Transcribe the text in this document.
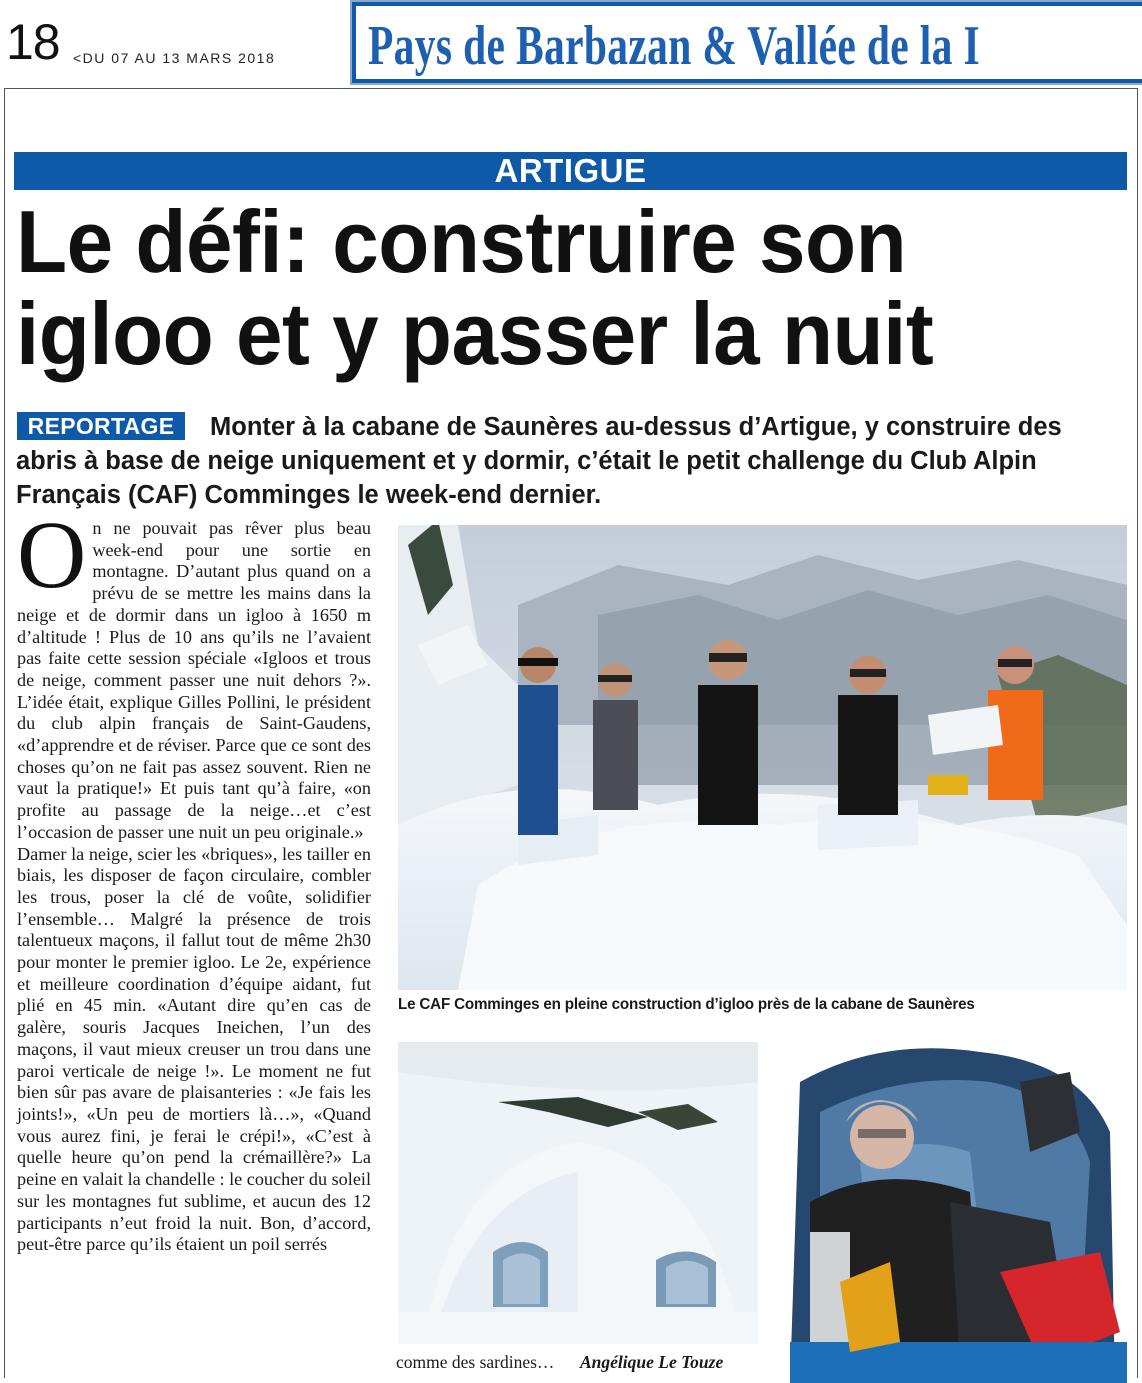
18 <DU 07 AU 13 MARS 2018 Pays de Barbazan & Vallée de la I
ARTIGUE
Le défi: construire son
igloo et y passer la nuit
Monter à la cabane de Saunères au-dessus d’Artigue, y construire des abris à base de neige uniquement et y dormir, c’était le petit challenge du Club Alpin Français (CAF) Comminges le week-end dernier.
REPORTAGE

On ne pouvait pas rêver plus beau week-end pour une sortie en montagne. D’autant plus quand on a prévu de se mettre les mains dans la neige et de dormir dans un igloo à 1650 m d’altitude ! Plus de 10 ans qu’ils ne l’avaient pas faite cette session spéciale «Igloos et trous de neige, comment passer une nuit dehors ?». L’idée était, explique Gilles Pollini, le président du club alpin français de Saint-Gaudens, «d’apprendre et de réviser. Parce que ce sont des choses qu’on ne fait pas assez souvent. Rien ne vaut la pratique!» Et puis tant qu’à faire, «on profite au passage de la neige…et c’est l’occasion de passer une nuit un peu originale.»

Damer la neige, scier les «briques», les tailler en biais, les disposer de façon circulaire, combler les trous, poser la clé de voûte, solidifier l’ensemble… Malgré la présence de trois talentueux maçons, il fallut tout de même 2h30 pour monter le premier igloo. Le 2e, expérience et meilleure coordination d’équipe aidant, fut plié en 45 min. «Autant dire qu’en cas de galère, souris Jacques Ineichen, l’un des maçons, il vaut mieux creuser un trou dans une paroi verticale de neige !». Le moment ne fut bien sûr pas avare de plaisanteries : «Je fais les joints!», «Un peu de mortiers là…», «Quand vous aurez fini, je ferai le crépi!», «C’est à quelle heure qu’on pend la crémaillère?» La peine en valait la chandelle : le coucher du soleil sur les montagnes fut sublime, et aucun des 12 participants n’eut froid la nuit. Bon, d’accord, peut-être parce qu’ils étaient un poil serrés

Le CAF Comminges en pleine construction d’igloo près de la cabane de Saunères
comme des sardines… Angélique Le Touze
